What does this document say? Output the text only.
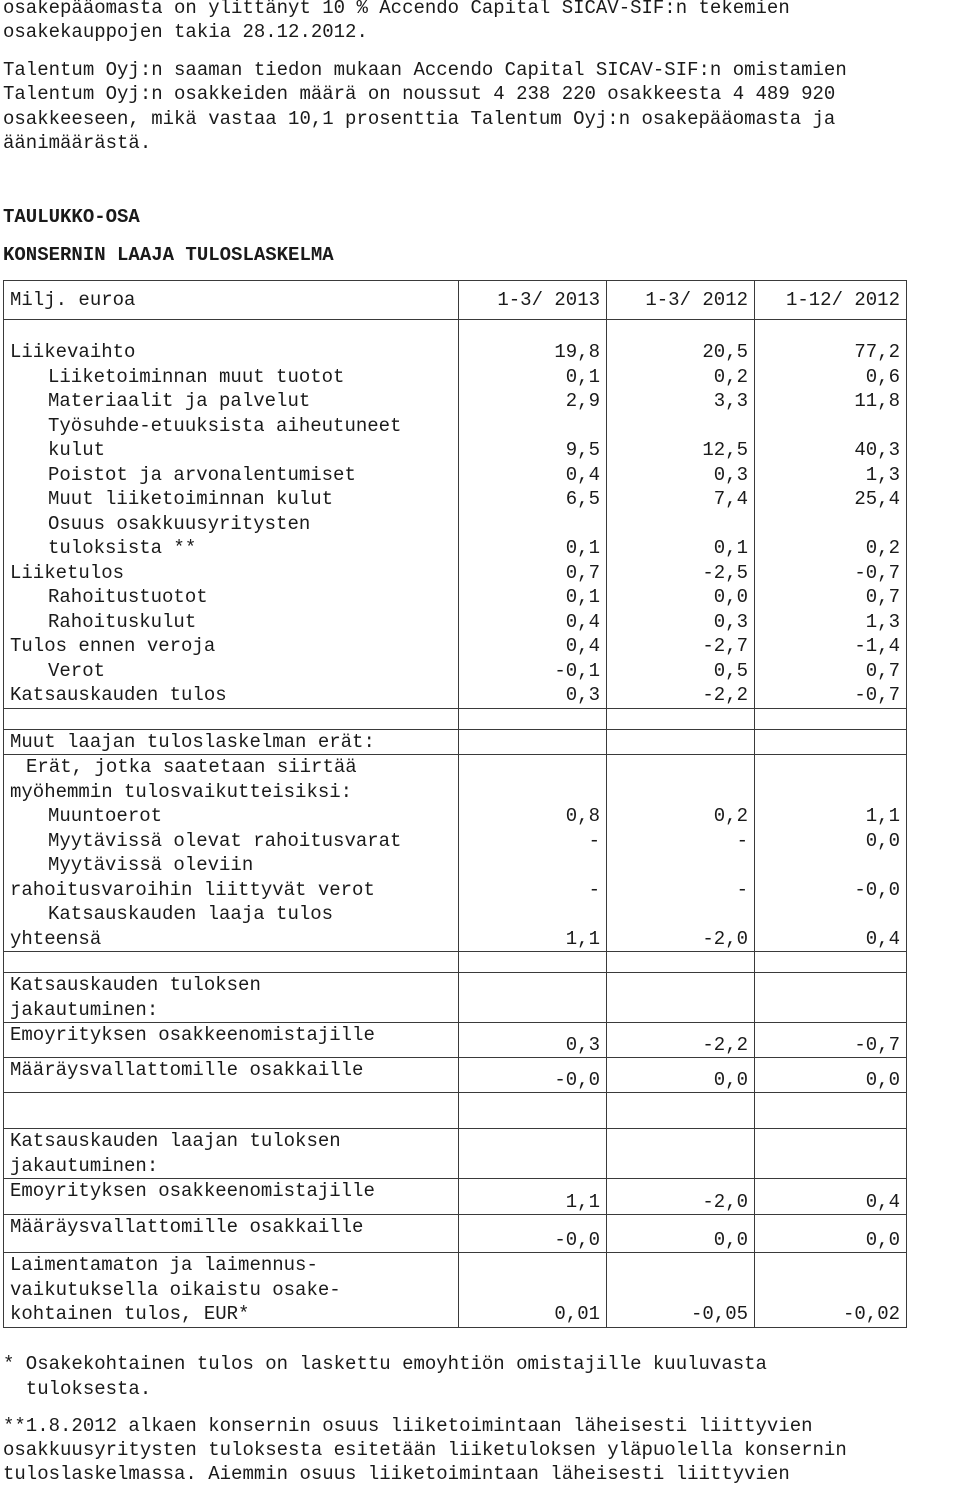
osakepääomasta on ylittänyt 10 % Accendo Capital SICAV-SIF:n tekemien
osakekauppojen takia 28.12.2012.
Talentum Oyj:n saaman tiedon mukaan Accendo Capital SICAV-SIF:n omistamien
Talentum Oyj:n osakkeiden määrä on noussut 4 238 220 osakkeesta 4 489 920
osakkeeseen, mikä vastaa 10,1 prosenttia Talentum Oyj:n osakepääomasta ja
äänimäärästä.
TAULUKKO-OSA
KONSERNIN LAAJA TULOSLASKELMA
Milj. euroa	1-3/ 2013	1-3/ 2012	1-12/ 2012

Liikevaihto	19,8	20,5	77,2
Liiketoiminnan muut tuotot	0,1	0,2	0,6
Materiaalit ja palvelut	2,9	3,3	11,8
Työsuhde-etuuksista aiheutuneet
kulut	9,5	12,5	40,3
Poistot ja arvonalentumiset	0,4	0,3	1,3
Muut liiketoiminnan kulut	6,5	7,4	25,4
Osuus osakkuusyritysten
tuloksista **	0,1	0,1	0,2
Liiketulos	0,7	-2,5	-0,7
Rahoitustuotot	0,1	0,0	0,7
Rahoituskulut	0,4	0,3	1,3
Tulos ennen veroja	0,4	-2,7	-1,4
Verot	-0,1	0,5	0,7
Katsauskauden tulos	0,3	-2,2	-0,7

Muut laajan tuloslaskelman erät:			
Erät, jotka saatetaan siirtää
myöhemmin tulosvaikutteisiksi:			
Muuntoerot	0,8	0,2	1,1
Myytävissä olevat rahoitusvarat	-	-	0,0
Myytävissä oleviin
rahoitusvaroihin liittyvät verot	-	-	-0,0
Katsauskauden laaja tulos
yhteensä	1,1	-2,0	0,4

Katsauskauden tuloksen
jakautuminen:			
Emoyrityksen osakkeenomistajille	0,3	-2,2	-0,7
Määräysvallattomille osakkaille	-0,0	0,0	0,0

Katsauskauden laajan tuloksen
jakautuminen:			
Emoyrityksen osakkeenomistajille	1,1	-2,0	0,4
Määräysvallattomille osakkaille	-0,0	0,0	0,0
Laimentamaton ja laimennus-
vaikutuksella oikaistu osake-
kohtainen tulos, EUR*	0,01	-0,05	-0,02
* Osakekohtainen tulos on laskettu emoyhtiön omistajille kuuluvasta
tuloksesta.
**1.8.2012 alkaen konsernin osuus liiketoimintaan läheisesti liittyvien
osakkuusyritysten tuloksesta esitetään liiketuloksen yläpuolella konsernin
tuloslaskelmassa. Aiemmin osuus liiketoimintaan läheisesti liittyvien
